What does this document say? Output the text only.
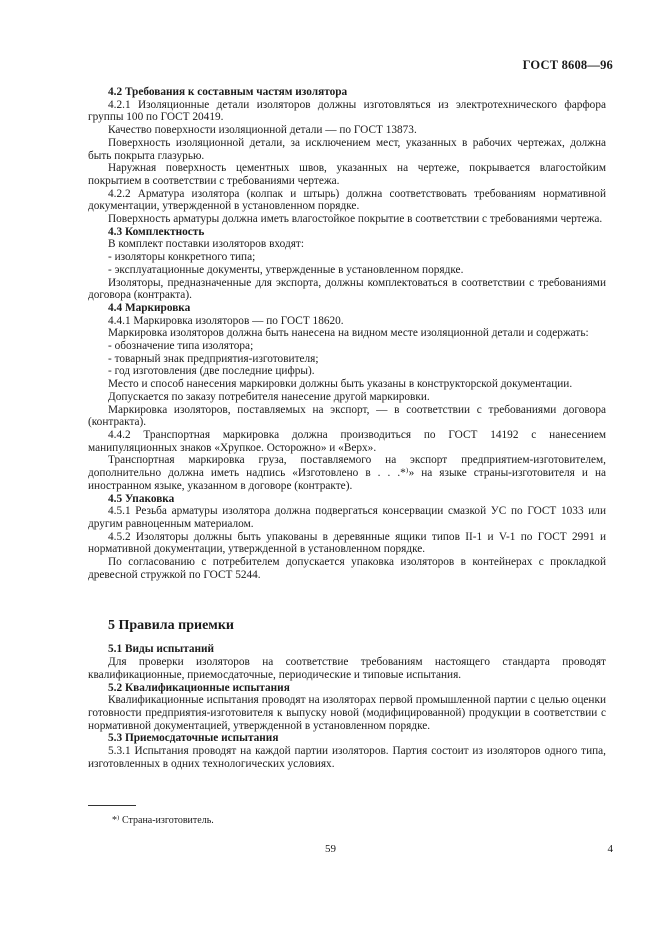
ГОСТ 8608—96
4.2 Требования к составным частям изолятора

4.2.1 Изоляционные детали изоляторов должны изготовляться из электротехнического фарфора группы 100 по ГОСТ 20419.

Качество поверхности изоляционной детали — по ГОСТ 13873.

Поверхность изоляционной детали, за исключением мест, указанных в рабочих чертежах, должна быть покрыта глазурью.

Наружная поверхность цементных швов, указанных на чертеже, покрывается влагостойким покрытием в соответствии с требованиями чертежа.

4.2.2 Арматура изолятора (колпак и штырь) должна соответствовать требованиям нормативной документации, утвержденной в установленном порядке.

Поверхность арматуры должна иметь влагостойкое покрытие в соответствии с требованиями чертежа.

4.3 Комплектность

В комплект поставки изоляторов входят:

- изоляторы конкретного типа;

- эксплуатационные документы, утвержденные в установленном порядке.

Изоляторы, предназначенные для экспорта, должны комплектоваться в соответствии с требованиями договора (контракта).

4.4 Маркировка

4.4.1 Маркировка изоляторов — по ГОСТ 18620.

Маркировка изоляторов должна быть нанесена на видном месте изоляционной детали и содержать:

- обозначение типа изолятора;

- товарный знак предприятия-изготовителя;

- год изготовления (две последние цифры).

Место и способ нанесения маркировки должны быть указаны в конструкторской документации.

Допускается по заказу потребителя нанесение другой маркировки.

Маркировка изоляторов, поставляемых на экспорт, — в соответствии с требованиями договора (контракта).

4.4.2 Транспортная маркировка должна производиться по ГОСТ 14192 с нанесением манипуляционных знаков «Хрупкое. Осторожно» и «Верх».

Транспортная маркировка груза, поставляемого на экспорт предприятием-изготовителем, дополнительно должна иметь надпись «Изготовлено в . . .*⁾» на языке страны-изготовителя и на иностранном языке, указанном в договоре (контракте).

4.5 Упаковка

4.5.1 Резьба арматуры изолятора должна подвергаться консервации смазкой УС по ГОСТ 1033 или другим равноценным материалом.

4.5.2 Изоляторы должны быть упакованы в деревянные ящики типов II-1 и V-1 по ГОСТ 2991 и нормативной документации, утвержденной в установленном порядке.

По согласованию с потребителем допускается упаковка изоляторов в контейнерах с прокладкой древесной стружкой по ГОСТ 5244.

5 Правила приемки
5.1 Виды испытаний

Для проверки изоляторов на соответствие требованиям настоящего стандарта проводят квалификационные, приемосдаточные, периодические и типовые испытания.

5.2 Квалификационные испытания

Квалификационные испытания проводят на изоляторах первой промышленной партии с целью оценки готовности предприятия-изготовителя к выпуску новой (модифицированной) продукции в соответствии с нормативной документацией, утвержденной в установленном порядке.

5.3 Приемосдаточные испытания

5.3.1 Испытания проводят на каждой партии изоляторов. Партия состоит из изоляторов одного типа, изготовленных в одних технологических условиях.

*⁾ Страна-изготовитель.
59	4
